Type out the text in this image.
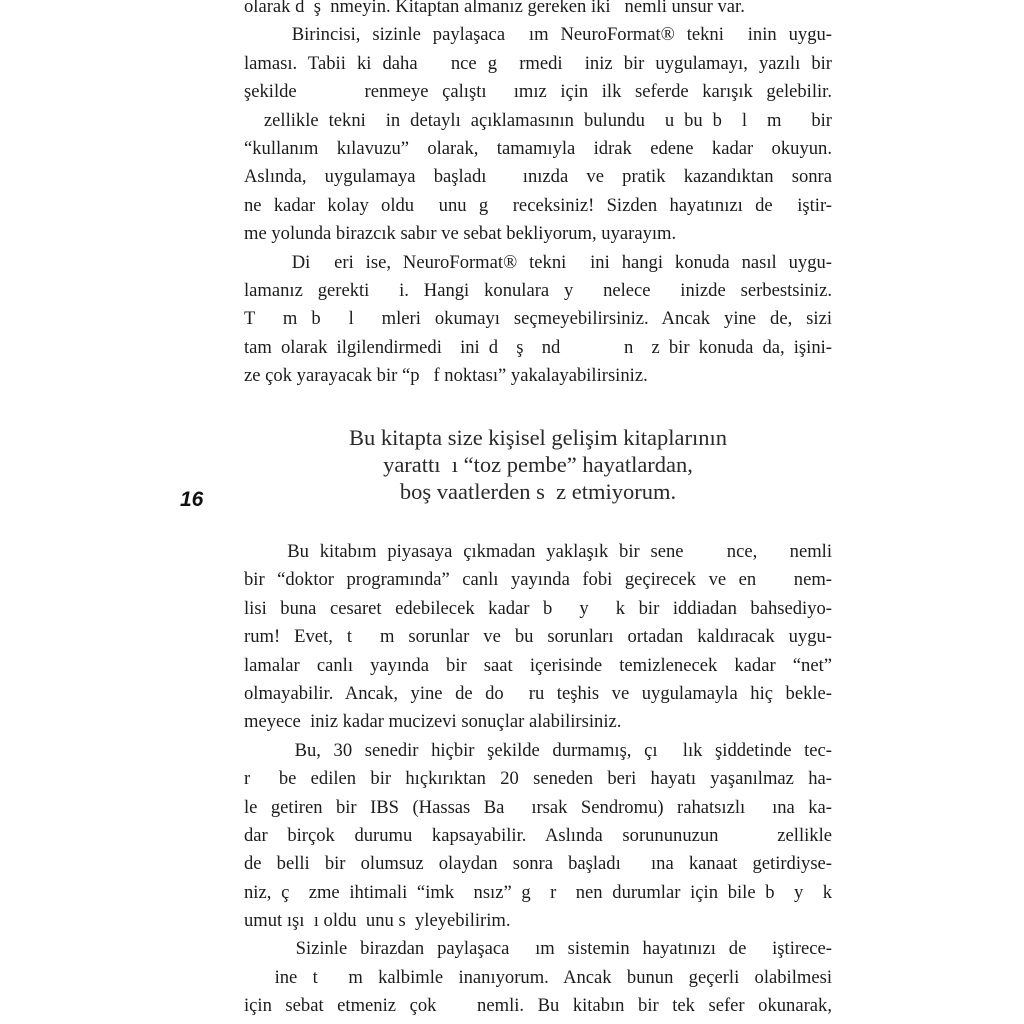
olarak d  ş  nmeyin. Kitaptan almanız gereken iki   nemli unsur var.
Birincisi, sizinle paylaşaca  ım NeuroFormat® tekni  inin uygu-
laması. Tabii ki daha   nce g  rmedi  iniz bir uygulamayı, yazılı bir
şekilde     renmeye çalıştı  ımız için ilk seferde karışık gelebilir.
zellikle tekni  in detaylı açıklamasının bulundu  u bu b  l  m   bir
“kullanım kılavuzu” olarak, tamamıyla idrak edene kadar okuyun.
Aslında, uygulamaya başladı  ınızda ve pratik kazandıktan sonra
ne kadar kolay oldu  unu g  receksiniz! Sizden hayatınızı de  iştir-
me yolunda birazcık sabır ve sebat bekliyorum, uyarayım.
Di  eri ise, NeuroFormat® tekni  ini hangi konuda nasıl uygu-
lamanız gerekti  i. Hangi konulara y  nelece  inizde serbestsiniz.
T  m b  l  mleri okumayı seçmeyebilirsiniz. Ancak yine de, sizi
tam olarak ilgilendirmedi  ini d  ş  nd       n  z bir konuda da, işini-
ze çok yarayacak bir “p   f noktası” yakalayabilirsiniz.
Bu kitapta size kişisel gelişim kitaplarının
yarattı  ı “toz pembe” hayatlardan,
boş vaatlerden s  z etmiyorum.
16
Bu kitabım piyasaya çıkmadan yaklaşık bir sene    nce,   nemli
bir “doktor programında” canlı yayında fobi geçirecek ve en   nem-
lisi buna cesaret edebilecek kadar b  y  k bir iddiadan bahsediyo-
rum! Evet, t  m sorunlar ve bu sorunları ortadan kaldıracak uygu-
lamalar canlı yayında bir saat içerisinde temizlenecek kadar “net”
olmayabilir. Ancak, yine de do  ru teşhis ve uygulamayla hiç bekle-
meyece  iniz kadar mucizevi sonuçlar alabilirsiniz.
Bu, 30 senedir hiçbir şekilde durmamış, çı  lık şiddetinde tec-
r  be edilen bir hıçkırıktan 20 seneden beri hayatı yaşanılmaz ha-
le getiren bir IBS (Hassas Ba  ırsak Sendromu) rahatsızlı  ına ka-
dar birçok durumu kapsayabilir. Aslında sorununuzun   zellikle
de belli bir olumsuz olaydan sonra başladı  ına kanaat getirdiyse-
niz, ç  zme ihtimali “imk  nsız” g  r  nen durumlar için bile b  y  k
umut ışı  ı oldu  unu s  yleyebilirim.
Sizinle birazdan paylaşaca  ım sistemin hayatınızı de  iştirece-
ine t  m kalbimle inanıyorum. Ancak bunun geçerli olabilmesi
için sebat etmeniz çok   nemli. Bu kitabın bir tek sefer okunarak,
